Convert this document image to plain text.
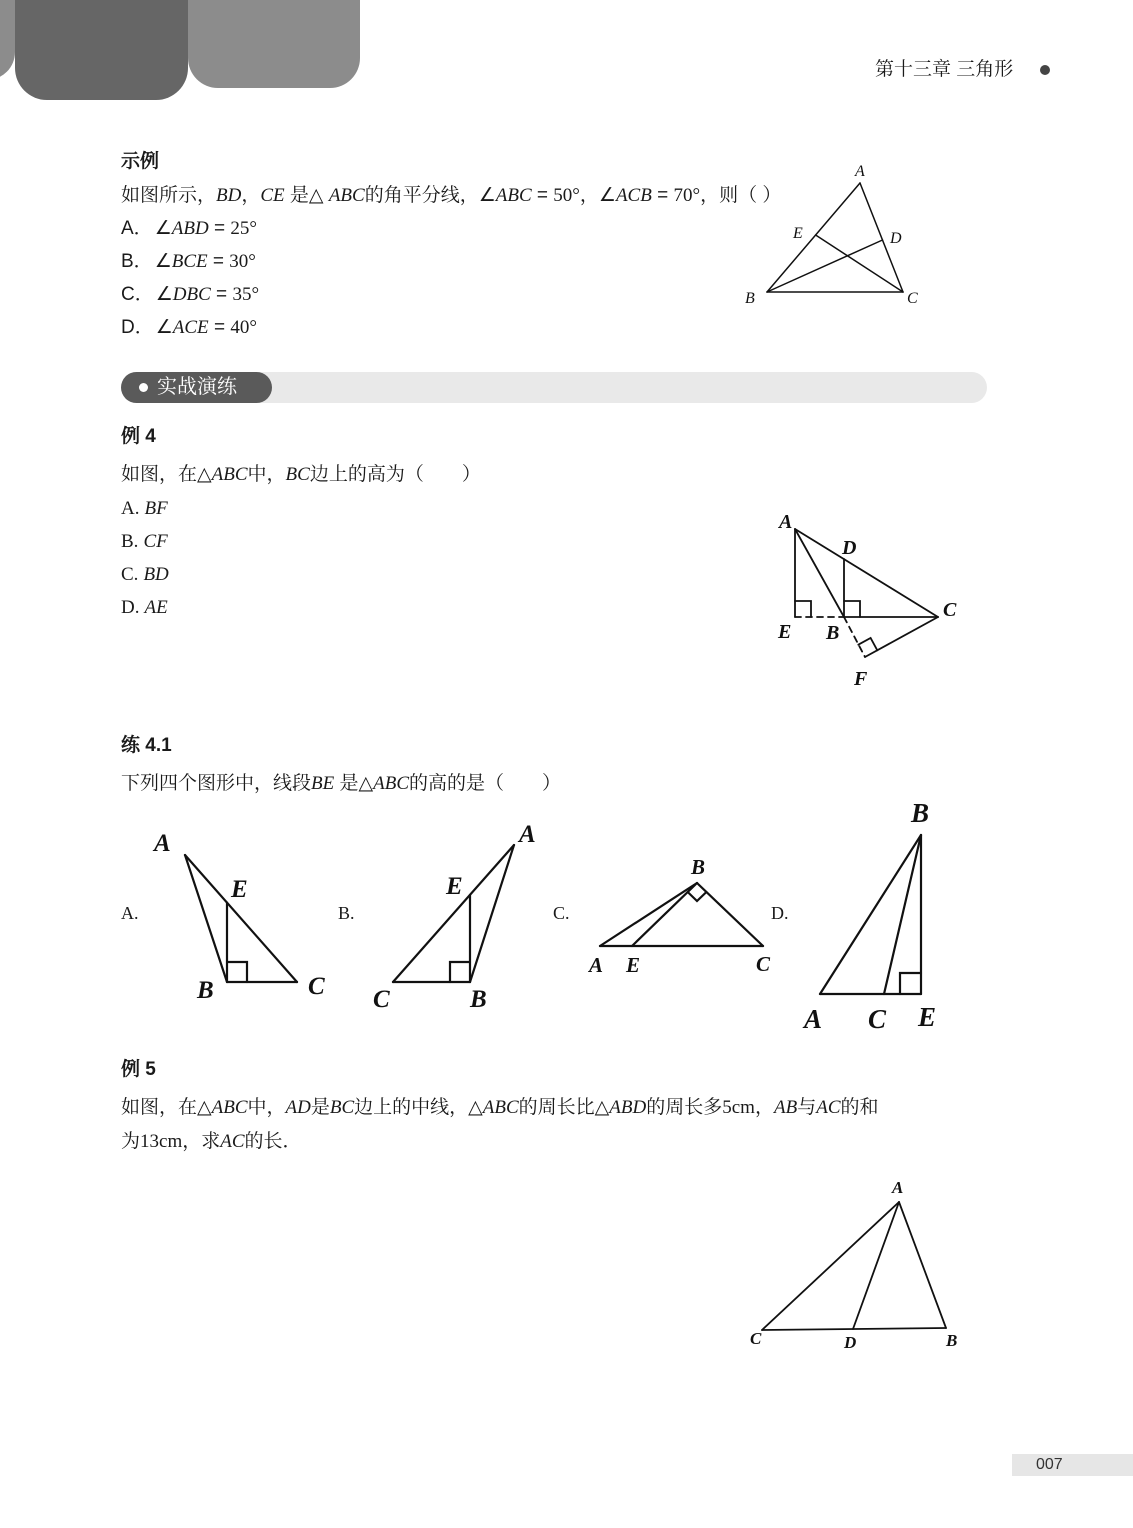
第十三章 三角形
示例
如图所示，BD，CE 是△ ABC的角平分线，∠ABC = 50°，∠ACB = 70°，则（ ）
A． ∠ABD = 25°
B． ∠BCE = 30°
C． ∠DBC = 35°
D． ∠ACE = 40°
实战演练
例 4
如图，在△ABC中，BC边上的高为（　　）
A. BF
B. CF
C. BD
D. AE
练 4.1
下列四个图形中，线段BE 是△ABC的高的是（　　）
A.	B.	C.	D.
例 5
如图，在△ABC中，AD是BC边上的中线，△ABC的周长比△ABD的周长多5cm，AB与AC的和
为13cm，求AC的长．
007
A
E	D
B	C
A
D
C
E B
F
A
E
B	C
A
E
C	B
B
A E	C
B
A C E
A
C	D	B
